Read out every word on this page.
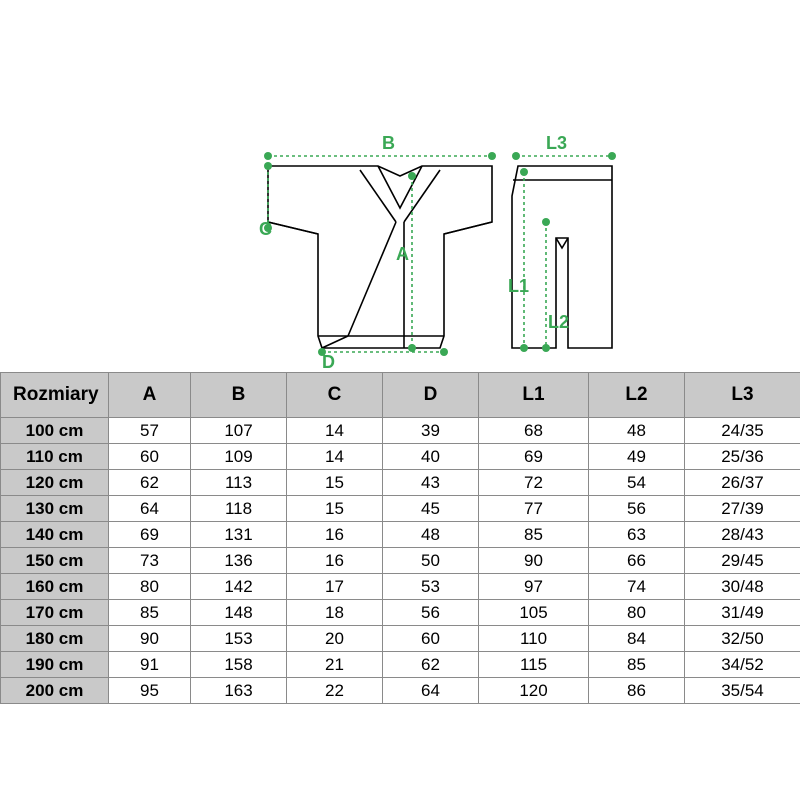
B
C
A
D
L3
L1
L2
Rozmiary	A	B	C	D	L1	L2	L3
100 cm	57	107	14	39	68	48	24/35
110 cm	60	109	14	40	69	49	25/36
120 cm	62	113	15	43	72	54	26/37
130 cm	64	118	15	45	77	56	27/39
140 cm	69	131	16	48	85	63	28/43
150 cm	73	136	16	50	90	66	29/45
160 cm	80	142	17	53	97	74	30/48
170 cm	85	148	18	56	105	80	31/49
180 cm	90	153	20	60	110	84	32/50
190 cm	91	158	21	62	115	85	34/52
200 cm	95	163	22	64	120	86	35/54
